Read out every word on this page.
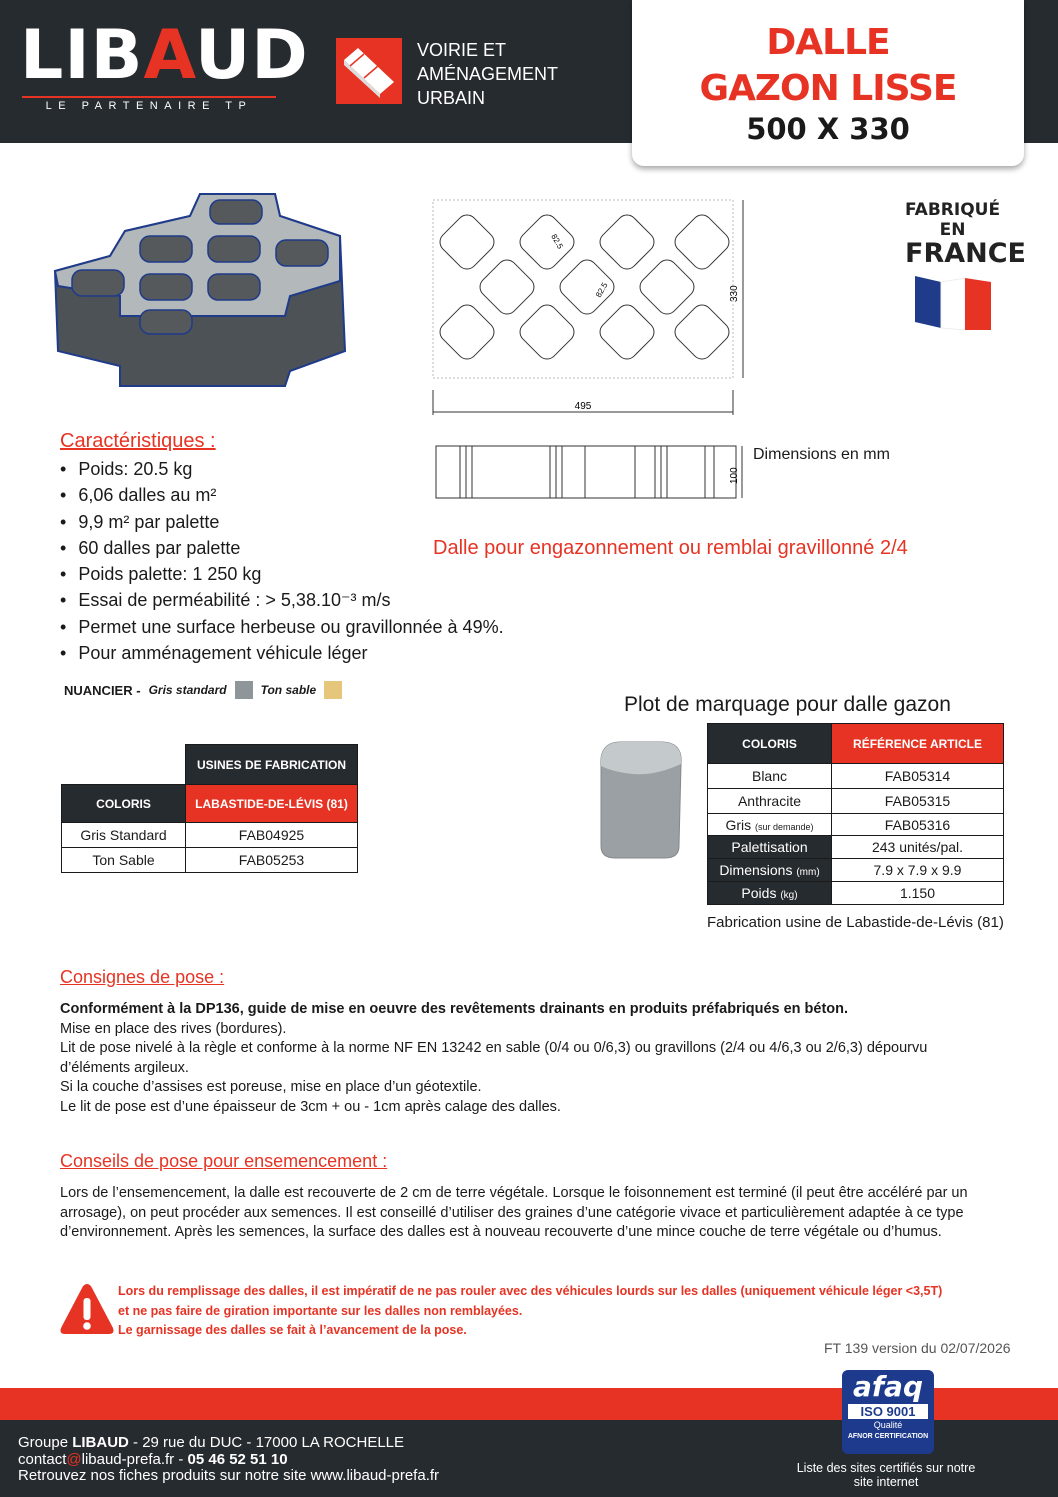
LIBAUD
LE PARTENAIRE TP
VOIRIE ET
AMÉNAGEMENT
URBAIN
DALLE
GAZON LISSE
500 X 330
495
330
82.5
82.5
100
FABRIQUÉ EN
FRANCE
Caractéristiques :
• Poids: 20.5 kg
• 6,06 dalles au m²
• 9,9 m² par palette
• 60 dalles par palette
• Poids palette: 1 250 kg
• Essai de perméabilité : > 5,38.10⁻³ m/s
• Permet une surface herbeuse ou gravillonnée à 49%.
• Pour amménagement véhicule léger
Dimensions en mm
Dalle pour engazonnement ou remblai gravillonné 2/4
NUANCIER - Gris standard	Ton sable
	USINES DE FABRICATION
COLORIS	LABASTIDE-DE-LÉVIS (81)
Gris Standard	FAB04925
Ton Sable	FAB05253
Plot de marquage pour dalle gazon
COLORIS	RÉFÉRENCE ARTICLE
Blanc	FAB05314
Anthracite	FAB05315
Gris (sur demande)	FAB05316
Palettisation	243 unités/pal.
Dimensions (mm)	7.9 x 7.9 x 9.9
Poids (kg)	1.150
Fabrication usine de Labastide-de-Lévis (81)
Consignes de pose :
Conformément à la DP136, guide de mise en oeuvre des revêtements drainants en produits préfabriqués en béton.
Mise en place des rives (bordures).
Lit de pose nivelé à la règle et conforme à la norme NF EN 13242 en sable (0/4 ou 0/6,3) ou gravillons (2/4 ou 4/6,3 ou 2/6,3) dépourvu d’éléments argileux.
Si la couche d’assises est poreuse, mise en place d’un géotextile.
Le lit de pose est d’une épaisseur de 3cm + ou - 1cm après calage des dalles.
Conseils de pose pour ensemencement :
Lors de l’ensemencement, la dalle est recouverte de 2 cm de terre végétale. Lorsque le foisonnement est terminé (il peut être accéléré par un arrosage), on peut procéder aux semences. Il est conseillé d’utiliser des graines d’une catégorie vivace et particulièrement adaptée à ce type d’environnement. Après les semences, la surface des dalles est à nouveau recouverte d’une mince couche de terre végétale ou d’humus.
Lors du remplissage des dalles, il est impératif de ne pas rouler avec des véhicules lourds sur les dalles (uniquement véhicule léger <3,5T)
et ne pas faire de giration importante sur les dalles non remblayées.
Le garnissage des dalles se fait à l’avancement de la pose.
FT 139 version du 02/07/2026
Groupe LIBAUD - 29 rue du DUC - 17000 LA ROCHELLE
contact@libaud-prefa.fr - 05 46 52 51 10
Retrouvez nos fiches produits sur notre site www.libaud-prefa.fr
afaq
ISO 9001
Qualité
AFNOR CERTIFICATION
Liste des sites certifiés sur notre site internet
